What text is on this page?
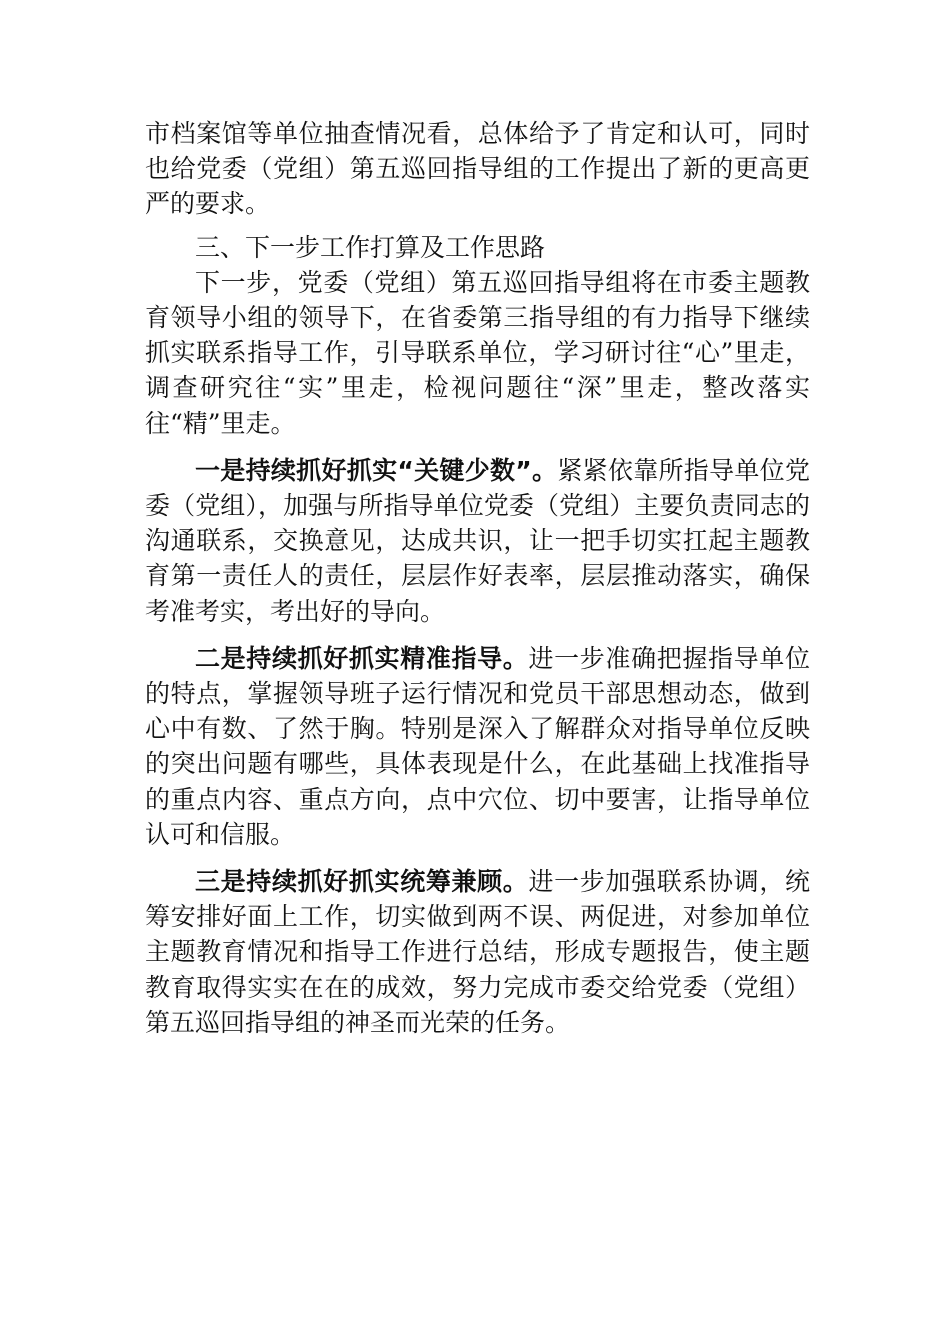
市档案馆等单位抽查情况看，总体给予了肯定和认可，同时也给党委（党组）第五巡回指导组的工作提出了新的更高更严的要求。

三、下一步工作打算及工作思路

下一步，党委（党组）第五巡回指导组将在市委主题教育领导小组的领导下，在省委第三指导组的有力指导下继续抓实联系指导工作，引导联系单位，学习研讨往“心”里走，调查研究往“实”里走，检视问题往“深”里走，整改落实往“精”里走。

一是持续抓好抓实“关键少数”。紧紧依靠所指导单位党委（党组），加强与所指导单位党委（党组）主要负责同志的沟通联系，交换意见，达成共识，让一把手切实扛起主题教育第一责任人的责任，层层作好表率，层层推动落实，确保考准考实，考出好的导向。

二是持续抓好抓实精准指导。进一步准确把握指导单位的特点，掌握领导班子运行情况和党员干部思想动态，做到心中有数、了然于胸。特别是深入了解群众对指导单位反映的突出问题有哪些，具体表现是什么，在此基础上找准指导的重点内容、重点方向，点中穴位、切中要害，让指导单位认可和信服。

三是持续抓好抓实统筹兼顾。进一步加强联系协调，统筹安排好面上工作，切实做到两不误、两促进，对参加单位主题教育情况和指导工作进行总结，形成专题报告，使主题教育取得实实在在的成效，努力完成市委交给党委（党组）第五巡回指导组的神圣而光荣的任务。
